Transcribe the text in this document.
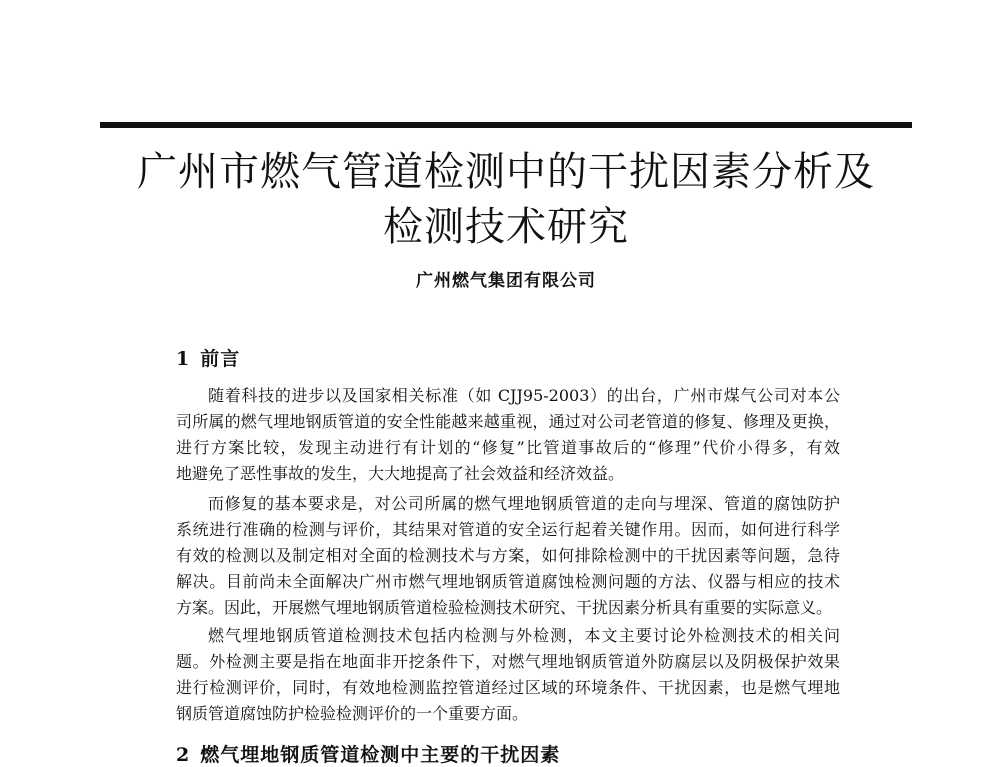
广州市燃气管道检测中的干扰因素分析及
检测技术研究
广州燃气集团有限公司
1 前言
随着科技的进步以及国家相关标准（如 CJJ95-2003）的出台，广州市煤气公司对本公
司所属的燃气埋地钢质管道的安全性能越来越重视，通过对公司老管道的修复、修理及更换，
进行方案比较，发现主动进行有计划的“修复”比管道事故后的“修理”代价小得多，有效
地避免了恶性事故的发生，大大地提高了社会效益和经济效益。
而修复的基本要求是，对公司所属的燃气埋地钢质管道的走向与埋深、管道的腐蚀防护
系统进行准确的检测与评价，其结果对管道的安全运行起着关键作用。因而，如何进行科学
有效的检测以及制定相对全面的检测技术与方案，如何排除检测中的干扰因素等问题，急待
解决。目前尚未全面解决广州市燃气埋地钢质管道腐蚀检测问题的方法、仪器与相应的技术
方案。因此，开展燃气埋地钢质管道检验检测技术研究、干扰因素分析具有重要的实际意义。
燃气埋地钢质管道检测技术包括内检测与外检测，本文主要讨论外检测技术的相关问
题。外检测主要是指在地面非开挖条件下，对燃气埋地钢质管道外防腐层以及阴极保护效果
进行检测评价，同时，有效地检测监控管道经过区域的环境条件、干扰因素，也是燃气埋地
钢质管道腐蚀防护检验检测评价的一个重要方面。
2 燃气埋地钢质管道检测中主要的干扰因素
